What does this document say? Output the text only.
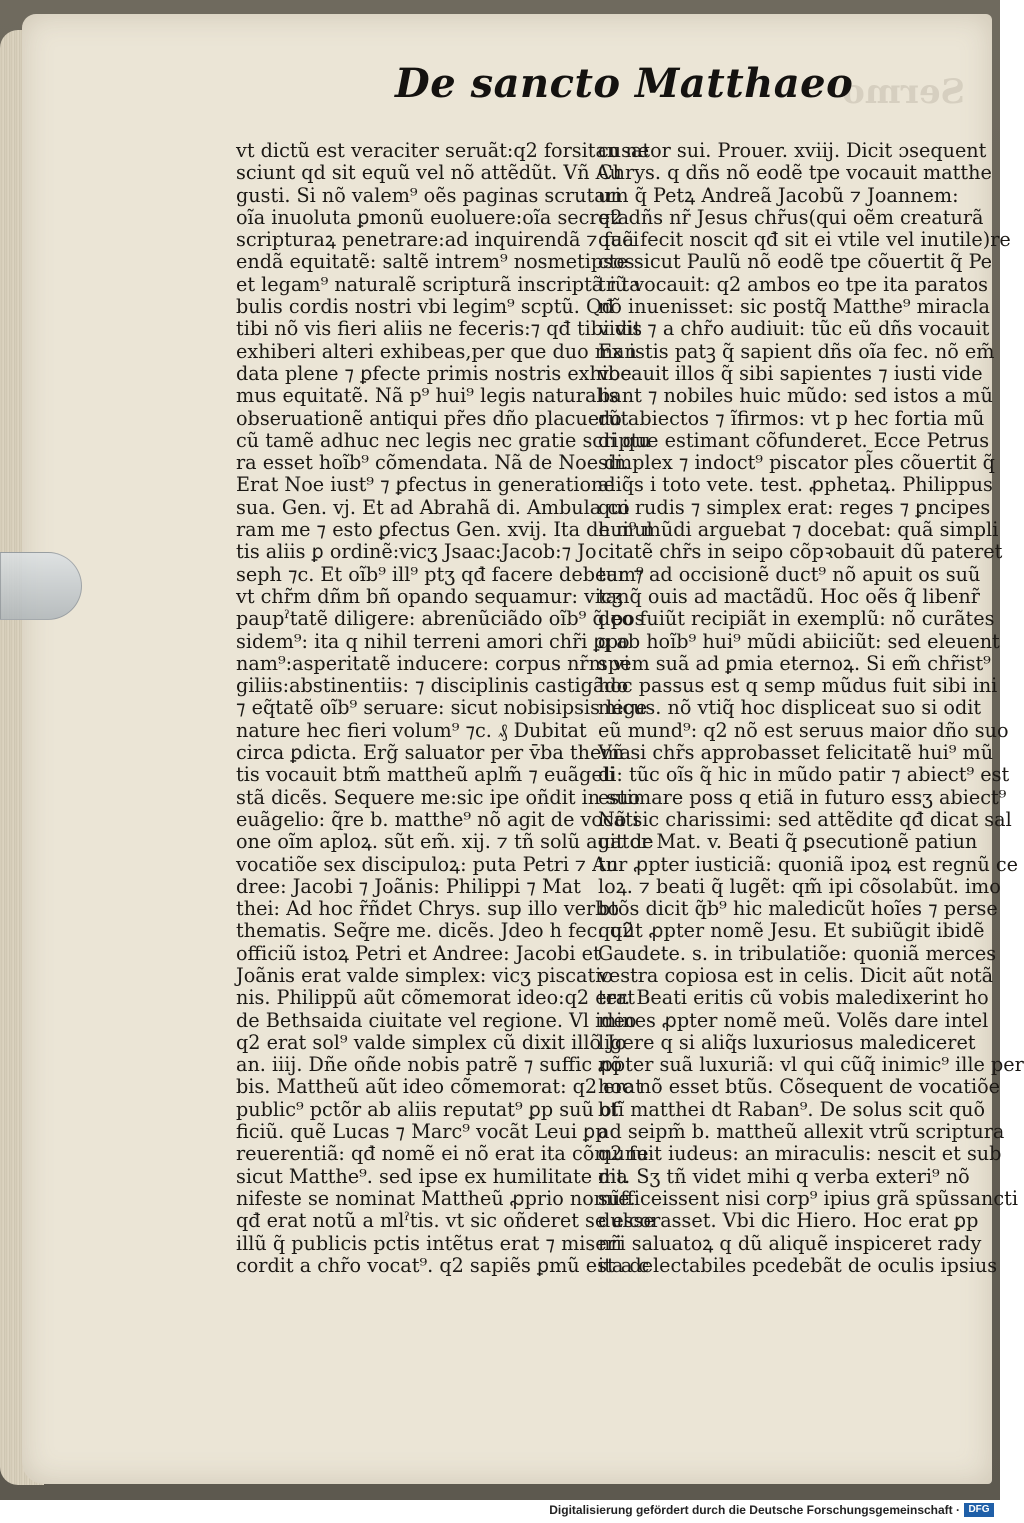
Sermo
De sancto Matthaeo
vt dictũ est veraciter seruãt:q2 forsitan ne
sciunt qd sit equũ vel nõ attẽdũt. Vñ Au
gusti. Si nõ valem⁹ oẽs paginas scrutari
oĩa inuoluta ꝑmonũ euoluere:oĩa secreta
scripturaꝝ penetrare:ad inquirendã ⁊ faci
endã equitatẽ: saltẽ intrem⁹ nosmetipsos
et legam⁹ naturalẽ scripturã inscriptã i ta
bulis cordis nostri vbi legim⁹ scptũ. Qđ
tibi nõ vis fieri aliis ne feceris:⁊ qđ tibi vis
exhiberi alteri exhibeas,per que duo man
data plene ⁊ ꝑfecte primis nostris exhibe
mus equitatẽ. Nã p⁹ hui⁹ legis naturalis
obseruationẽ antiqui pr̃es dño placuerũt
cũ tamẽ adhuc nec legis nec gratie scriptu
ra esset hoĩb⁹ cõmendata. Nã de Noe di.
Erat Noe iust⁹ ⁊ ꝑfectus in generatione
sua. Gen. vj. Et ad Abrahã di. Ambula co
ram me ⁊ esto ꝑfectus Gen. xvij. Ita de mul
tis aliis ꝑ ordinẽ:vicʒ Jsaac:Jacob:⁊ Jo
seph ⁊c. Et oĩb⁹ ill⁹ ptʒ qđ facere debeam⁹
vt chr̃m dñm bñ opando sequamur: vicʒ
paupˀtatẽ diligere: abrenũciãdo oĩb⁹ q̃ pos
sidem⁹: ita q nihil terreni amori chr̃i ꝑpo
nam⁹:asperitatẽ inducere: corpus nr̃m vi
giliis:abstinentiis: ⁊ disciplinis castigãdo
⁊ eq̃tatẽ oĩb⁹ seruare: sicut nobisipsis lege
nature hec fieri volum⁹ ⁊c. ₰ Dubitat
circa ꝑdicta. Erg̃ saluator per v̄ba thema
tis vocauit btm̃ mattheũ aplm̃ ⁊ euãgeli
stã dicẽs. Sequere me:sic ipe oñdit in suo
euãgelio: q̃re b. matthe⁹ nõ agit de vocati
one oĩm aploꝝ. sũt em̃. xij. ⁊ tñ solũ agit de
vocatiõe sex discipuloꝝ: puta Petri ⁊ An
dree: Jacobi ⁊ Joãnis: Philippi ⁊ Mat
thei: Ad hoc r̃ñdet Chrys. sup illo verbo
thematis. Seq̃re me. dicẽs. Jdeo h fec: q2
officiũ istoꝝ Petri et Andree: Jacobi et
Joãnis erat valde simplex: vicʒ piscatio
nis. Philippũ aũt cõmemorat ideo:q2 erat
de Bethsaida ciuitate vel regione. Vl ideo
q2 erat sol⁹ valde simplex cũ dixit illõ Jo
an. iiij. Dñe oñde nobis patrẽ ⁊ suffic nõ
bis. Mattheũ aũt ideo cõmemorat: q2 erat
public⁹ pctõr ab aliis reputat⁹ ꝑp suũ of
ficiũ. quẽ Lucas ⁊ Marc⁹ vocãt Leui ꝑp
reuerentiã: qđ nomẽ ei nõ erat ita cõmune
sicut Matthe⁹. sed ipse ex humilitate ma
nifeste se nominat Mattheũ ꝓprio nomĩe.
qđ erat notũ a mlˀtis. vt sic oñderet se esse
illũ q̃ publicis pctis intẽtus erat ⁊ miseri
cordit a chr̃o vocat⁹. q2 sapiẽs ꝑmũ est a c
cusator sui. Prouer. xviij. Dicit ɔsequent
Chrys. q dñs nõ eodẽ tpe vocauit matthe
um q̃ Petꝝ Andreã Jacobũ ⁊ Joannem:
q2 dñs nr̃ Jesus chr̃us(qui oẽm creaturã
quã fecit noscit qđ sit ei vtile vel inutile)re
cte sicut Paulũ nõ eodẽ tpe cõuertit q̃ Pe
trũ vocauit: q2 ambos eo tpe ita paratos
nõ inuenisset: sic postq̃ Matthe⁹ miracla
vidit ⁊ a chr̃o audiuit: tũc eũ dñs vocauit
Ex istis patꝫ q̃ sapient dñs oĩa fec. nõ em̃
vocauit illos q̃ sibi sapientes ⁊ iusti vide
bant ⁊ nobiles huic mũdo: sed istos a mũ
do abiectos ⁊ ĩfirmos: vt p hec fortia mũ
di que estimant cõfunderet. Ecce Petrus
simplex ⁊ indoct⁹ piscator pl̃es cõuertit q̃
aliq̃s i toto vete. test. ꝓphetaꝝ. Philippus
qui rudis ⁊ simplex erat: reges ⁊ ꝑncipes
hui⁹ mũdi arguebat ⁊ docebat: quã simpli
citatẽ chr̃s in seipo cõpꝛobauit dũ pateret
tur ⁊ ad occisionẽ duct⁹ nõ apuit os suũ
tanq̃ ouis ad mactãdũ. Hoc oẽs q̃ libenr̃
deo fuiũt recipiãt in exemplũ: nõ curãtes
q ab hoĩb⁹ hui⁹ mũdi abiiciũt: sed eleuent
spem suã ad ꝑmia eternoꝝ. Si em̃ chr̃ist⁹
hoc passus est q semp mũdus fuit sibi ini
micus. nõ vtiq̃ hoc displiceat suo si odit
eũ mund⁹: q2 nõ est seruus maior dño suo
Vñ si chr̃s approbasset felicitatẽ hui⁹ mũ
di: tũc oĩs q̃ hic in mũdo patir ⁊ abiect⁹ est
estimare poss q etiã in futuro essʒ abiect⁹
Nõ sic charissimi: sed attẽdite qđ dicat sal
uator Mat. v. Beati q̃ ꝑsecutionẽ patiun
tur ꝓpter iusticiã: quoniã ipoꝝ est regnũ ce
loꝝ. ⁊ beati q̃ lugẽt: qm̃ ipi cõsolabũt. imo
btõs dicit q̃b⁹ hic maledicũt hoĩes ⁊ perse
quũt ꝓpter nomẽ Jesu. Et subiũgit ibidẽ
Gaudete. s. in tribulatiõe: quoniã merces
vestra copiosa est in celis. Dicit aũt notã
ter. Beati eritis cũ vobis maledixerint ho
mines ꝓpter nomẽ meũ. Volẽs dare intel
ligere q si aliq̃s luxuriosus malediceret
ꝓpter suã luxuriã: vl qui cũq̃ inimic⁹ ille per
hoc nõ esset btũs. Cõsequent de vocatiõe
btĩ matthei dt Raban⁹. De solus scit quõ
ad seipm̃ b. mattheũ allexit vtrũ scriptura
q2 fuit iudeus: an miraculis: nescit et sub
dit. Sʒ tñ videt mihi q verba exteri⁹ nõ
sufficeissent nisi corp⁹ ipius grã spũssancti
dulcorasset. Vbi dic Hiero. Hoc erat ꝑp
nr̃i saluatoꝝ q dũ aliquẽ inspiceret rady
ita delectabiles pcedebãt de oculis ipsius
Digitalisierung gefördert durch die Deutsche Forschungsgemeinschaft · DFG
